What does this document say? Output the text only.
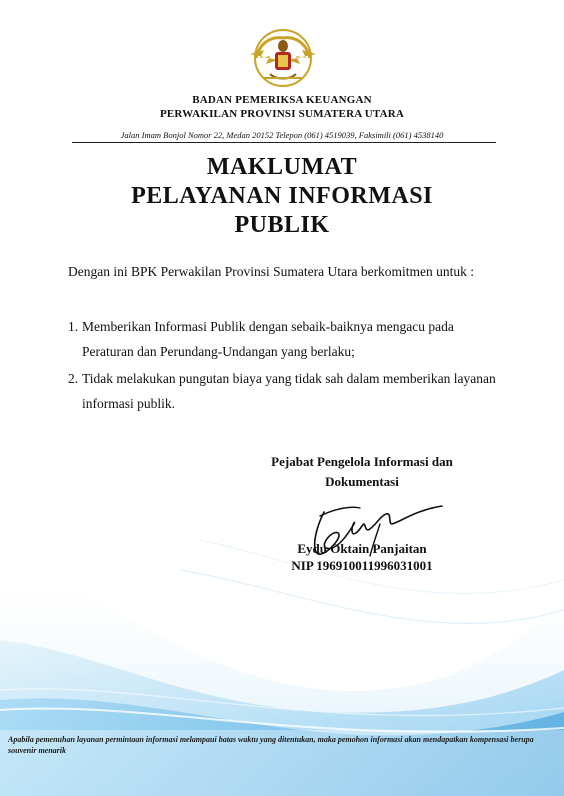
BADAN PEMERIKSA KEUANGAN
PERWAKILAN PROVINSI SUMATERA UTARA
Jalan Imam Bonjol Nomor 22, Medan 20152 Telepon (061) 4519039, Faksimili (061) 4538140
MAKLUMAT
PELAYANAN INFORMASI
PUBLIK
Dengan ini BPK Perwakilan Provinsi Sumatera Utara berkomitmen untuk :
1. Memberikan Informasi Publik dengan sebaik-baiknya mengacu pada Peraturan dan Perundang-Undangan yang berlaku;
2. Tidak melakukan pungutan biaya yang tidak sah dalam memberikan layanan informasi publik.
Pejabat Pengelola Informasi dan Dokumentasi
Eydu Oktain Panjaitan
NIP 196910011996031001
Apabila pemenuhan layanan permintaan informasi melampaui batas waktu yang ditentukan, maka pemohon informasi akan mendapatkan kompensasi berupa souvenir menarik
